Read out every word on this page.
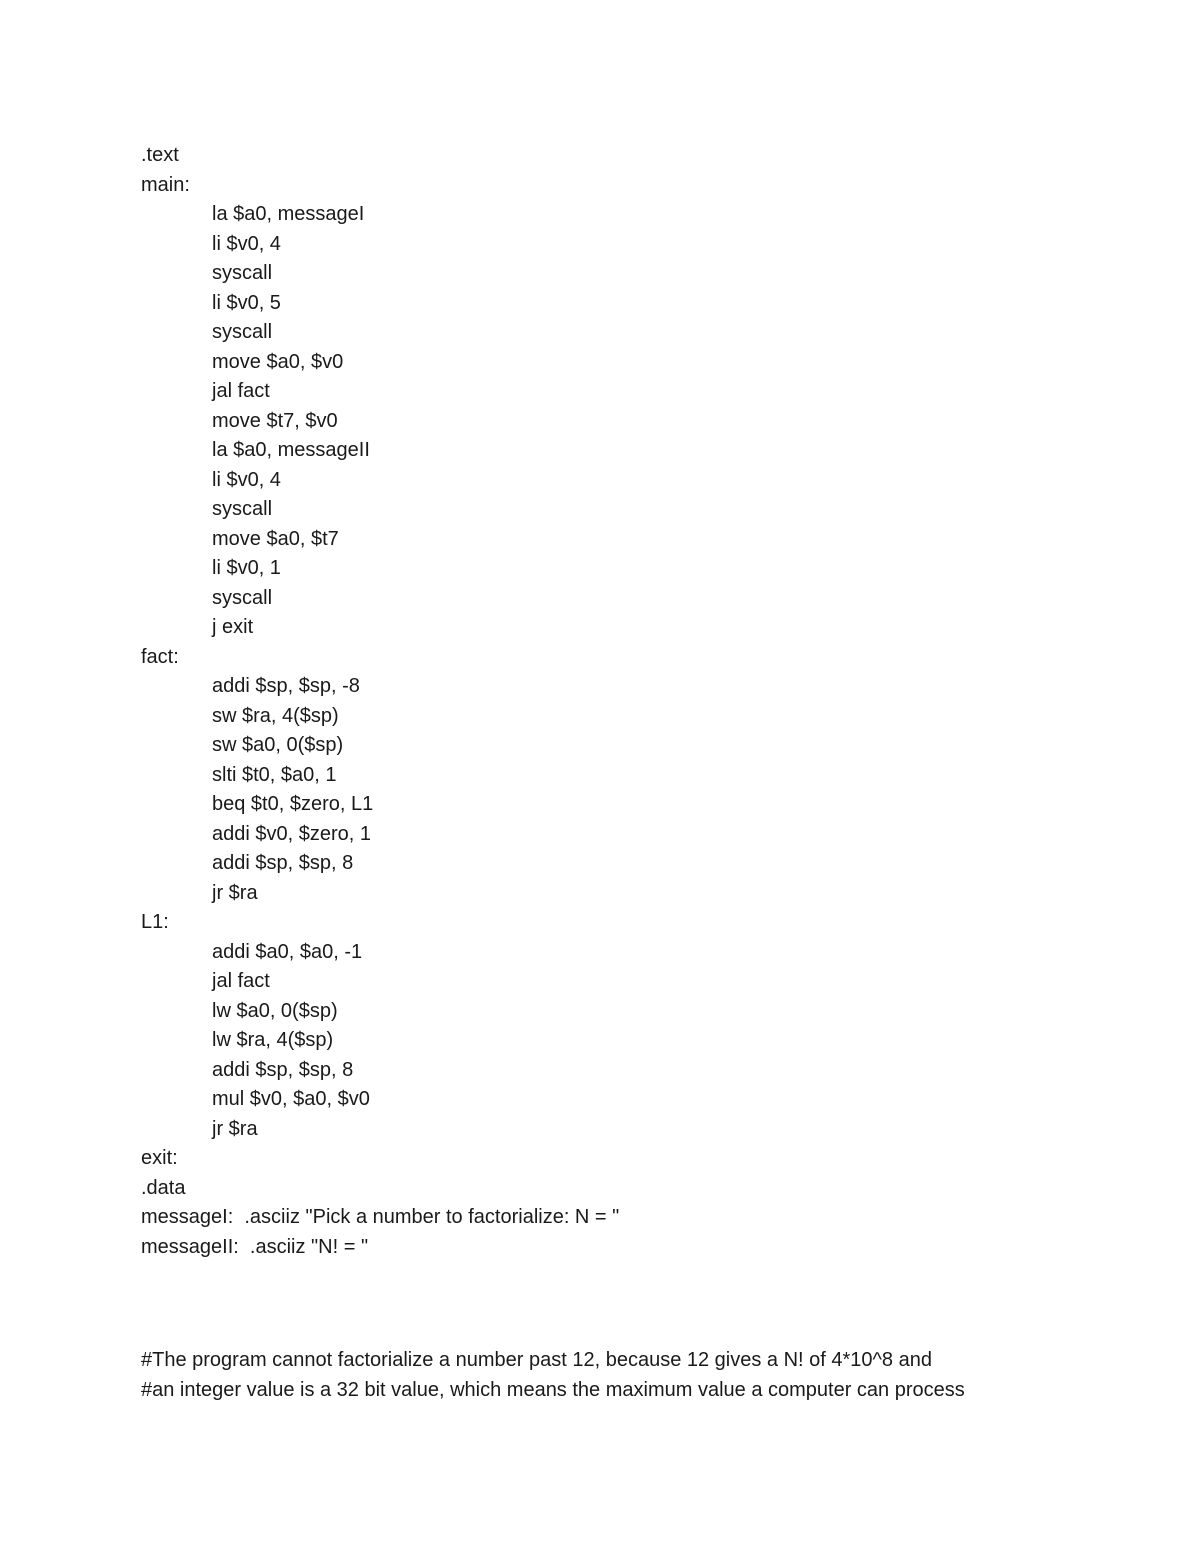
.text
main:
la $a0, messageI
li $v0, 4
syscall
li $v0, 5
syscall
move $a0, $v0
jal fact
move $t7, $v0
la $a0, messageII
li $v0, 4
syscall
move $a0, $t7
li $v0, 1
syscall
j exit
fact:
addi $sp, $sp, -8
sw $ra, 4($sp)
sw $a0, 0($sp)
slti $t0, $a0, 1
beq $t0, $zero, L1
addi $v0, $zero, 1
addi $sp, $sp, 8
jr $ra
L1:
addi $a0, $a0, -1
jal fact
lw $a0, 0($sp)
lw $ra, 4($sp)
addi $sp, $sp, 8
mul $v0, $a0, $v0
jr $ra
exit:
.data
messageI:  .asciiz "Pick a number to factorialize: N = "
messageII:  .asciiz "N! = "
#The program cannot factorialize a number past 12, because 12 gives a N! of 4*10^8 and
#an integer value is a 32 bit value, which means the maximum value a computer can process
